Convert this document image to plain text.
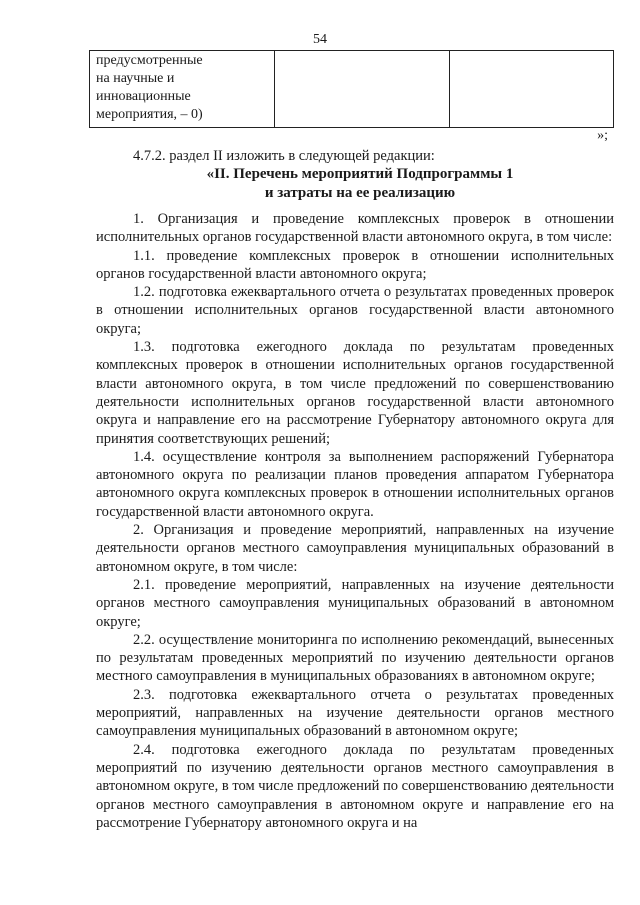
54
предусмотренные
на научные и
инновационные
мероприятия, – 0)

»;
4.7.2. раздел II изложить в следующей редакции:
«II. Перечень мероприятий Подпрограммы 1
и затраты на ее реализацию

1. Организация и проведение комплексных проверок в отношении исполнительных органов государственной власти автономного округа, в том числе:

1.1. проведение комплексных проверок в отношении исполнительных органов государственной власти автономного округа;

1.2. подготовка ежеквартального отчета о результатах проведенных проверок в отношении исполнительных органов государственной власти автономного округа;

1.3. подготовка ежегодного доклада по результатам проведенных комплексных проверок в отношении исполнительных органов государственной власти автономного округа, в том числе предложений по совершенствованию деятельности исполнительных органов государственной власти автономного округа и направление его на рассмотрение Губернатору автономного округа для принятия соответствующих решений;

1.4. осуществление контроля за выполнением распоряжений Губернатора автономного округа по реализации планов проведения аппаратом Губернатора автономного округа комплексных проверок в отношении исполнительных органов государственной власти автономного округа.

2. Организация и проведение мероприятий, направленных на изучение деятельности органов местного самоуправления муниципальных образований в автономном округе, в том числе:

2.1. проведение мероприятий, направленных на изучение деятельности органов местного самоуправления муниципальных образований в автономном округе;

2.2. осуществление мониторинга по исполнению рекомендаций, вынесенных по результатам проведенных мероприятий по изучению деятельности органов местного самоуправления в муниципальных образованиях в автономном округе;

2.3. подготовка ежеквартального отчета о результатах проведенных мероприятий, направленных на изучение деятельности органов местного самоуправления муниципальных образований в автономном округе;

2.4. подготовка ежегодного доклада по результатам проведенных мероприятий по изучению деятельности органов местного самоуправления в автономном округе, в том числе предложений по совершенствованию деятельности органов местного самоуправления в автономном округе и направление его на рассмотрение Губернатору автономного округа и на
